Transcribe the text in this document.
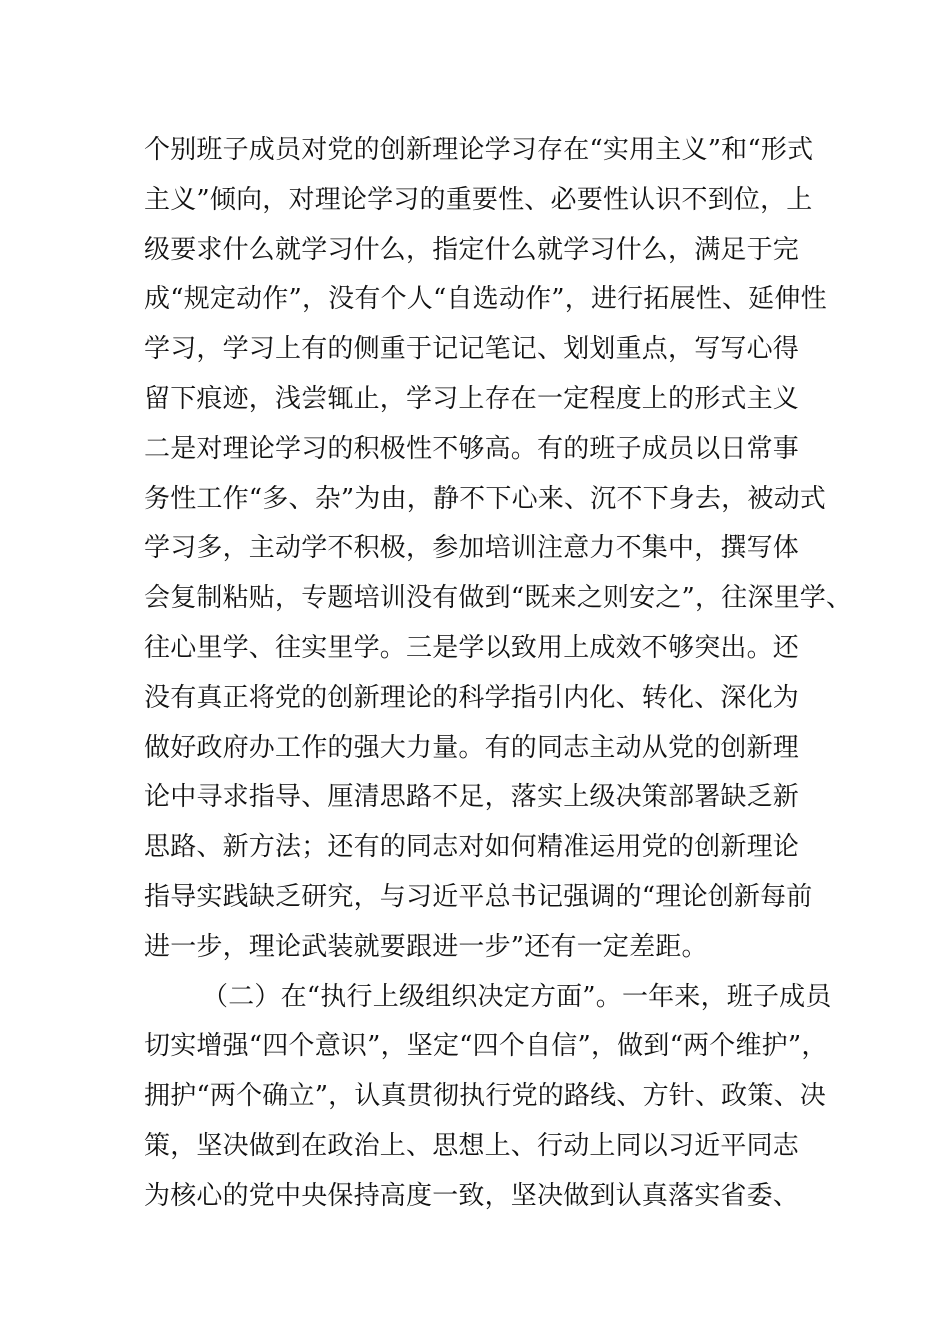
个别班子成员对党的创新理论学习存在“实用主义”和“形式
主义”倾向，对理论学习的重要性、必要性认识不到位，上
级要求什么就学习什么，指定什么就学习什么，满足于完
成“规定动作”，没有个人“自选动作”，进行拓展性、延伸性
学习，学习上有的侧重于记记笔记、划划重点，写写心得
留下痕迹，浅尝辄止，学习上存在一定程度上的形式主义
二是对理论学习的积极性不够高。有的班子成员以日常事
务性工作“多、杂”为由，静不下心来、沉不下身去，被动式
学习多，主动学不积极，参加培训注意力不集中，撰写体
会复制粘贴，专题培训没有做到“既来之则安之”，往深里学、
往心里学、往实里学。三是学以致用上成效不够突出。还
没有真正将党的创新理论的科学指引内化、转化、深化为
做好政府办工作的强大力量。有的同志主动从党的创新理
论中寻求指导、厘清思路不足，落实上级决策部署缺乏新
思路、新方法；还有的同志对如何精准运用党的创新理论
指导实践缺乏研究，与习近平总书记强调的“理论创新每前
进一步，理论武装就要跟进一步”还有一定差距。
（二）在“执行上级组织决定方面”。一年来，班子成员
切实增强“四个意识”，坚定“四个自信”，做到“两个维护”，
拥护“两个确立”，认真贯彻执行党的路线、方针、政策、决
策，坚决做到在政治上、思想上、行动上同以习近平同志
为核心的党中央保持高度一致，坚决做到认真落实省委、
